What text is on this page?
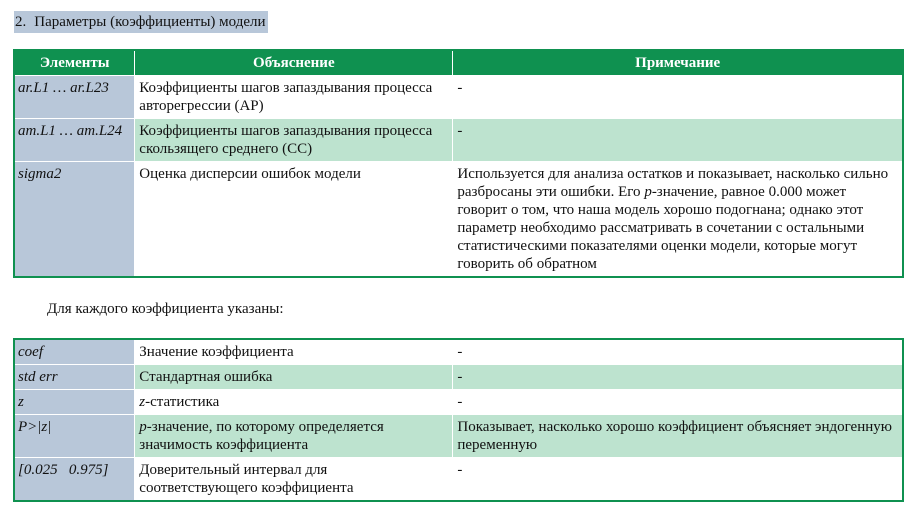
2. Параметры (коэффициенты) модели
Элементы	Объяснение	Примечание
ar.L1 … ar.L23	Коэффициенты шагов запаздывания процесса авторегрессии (АР)	-
am.L1 … am.L24	Коэффициенты шагов запаздывания процесса скользящего среднего (СС)	-
sigma2	Оценка дисперсии ошибок модели	Используется для анализа остатков и показывает, насколько сильно разбросаны эти ошибки. Его p-значение, равное 0.000 может говорит о том, что наша модель хорошо подогнана; однако этот параметр необходимо рассматривать в сочетании с остальными статистическими показателями оценки модели, которые могут говорить об обратном
Для каждого коэффициента указаны:
coef	Значение коэффициента	-
std err	Стандартная ошибка	-
z	z-статистика	-
P>|z|	p-значение, по которому определяется значимость коэффициента	Показывает, насколько хорошо коэффициент объясняет эндогенную переменную
[0.025   0.975]	Доверительный интервал для соответствующего коэффициента	-
